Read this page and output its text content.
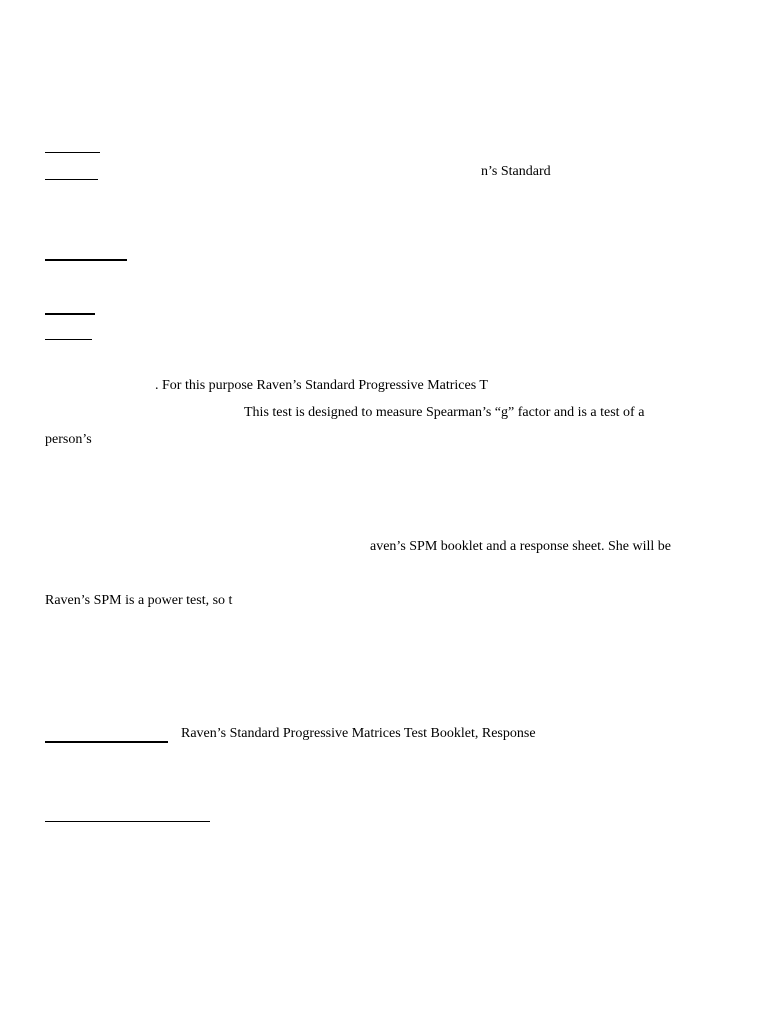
n’s Standard
. For this purpose Raven’s Standard Progressive Matrices T
This test is designed to measure Spearman’s “g” factor and is a test of a
person’s
aven’s SPM booklet and a response sheet. She will be
Raven’s SPM is a power test, so t
Raven’s Standard Progressive Matrices Test Booklet, Response
